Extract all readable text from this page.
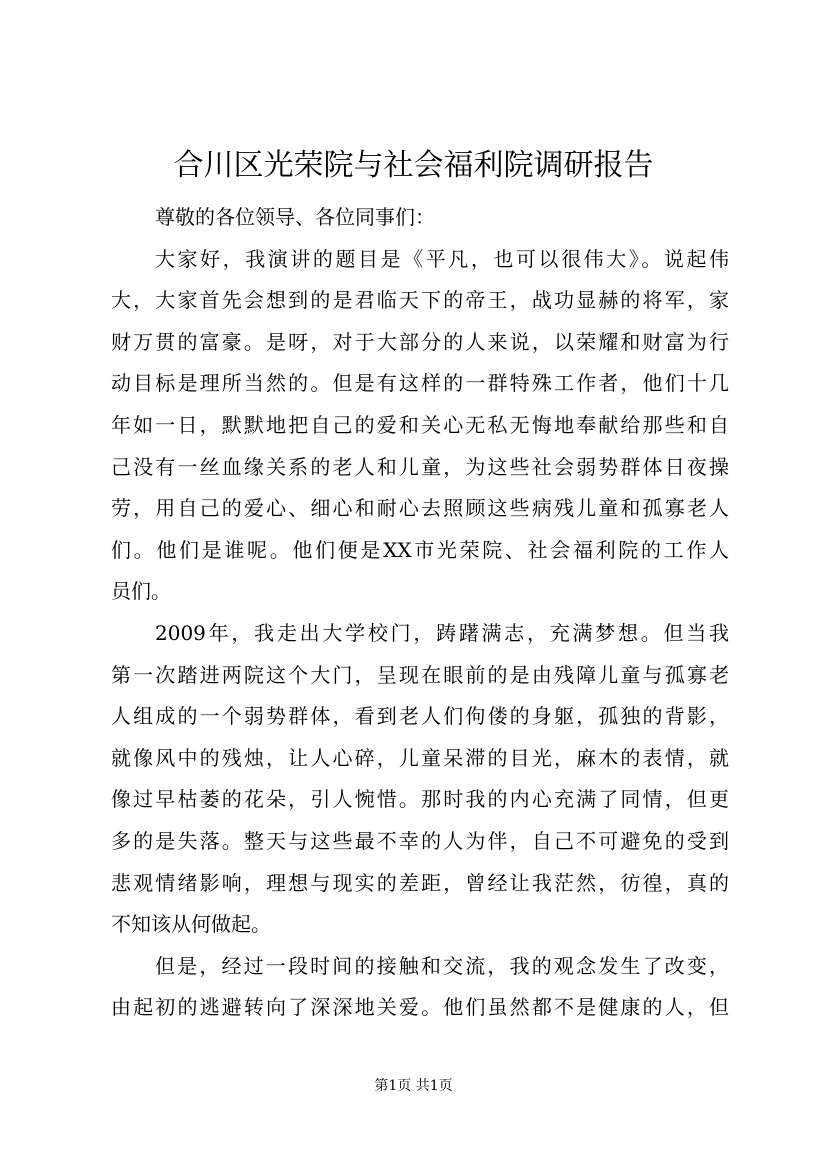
合川区光荣院与社会福利院调研报告
尊敬的各位领导、各位同事们：
大家好，我演讲的题目是《平凡，也可以很伟大》。说起伟
大，大家首先会想到的是君临天下的帝王，战功显赫的将军，家
财万贯的富豪。是呀，对于大部分的人来说，以荣耀和财富为行
动目标是理所当然的。但是有这样的一群特殊工作者，他们十几
年如一日，默默地把自己的爱和关心无私无悔地奉献给那些和自
己没有一丝血缘关系的老人和儿童，为这些社会弱势群体日夜操
劳，用自己的爱心、细心和耐心去照顾这些病残儿童和孤寡老人
们。他们是谁呢。他们便是XX市光荣院、社会福利院的工作人
员们。
2009年，我走出大学校门，踌躇满志，充满梦想。但当我
第一次踏进两院这个大门，呈现在眼前的是由残障儿童与孤寡老
人组成的一个弱势群体，看到老人们佝偻的身躯，孤独的背影，
就像风中的残烛，让人心碎，儿童呆滞的目光，麻木的表情，就
像过早枯萎的花朵，引人惋惜。那时我的内心充满了同情，但更
多的是失落。整天与这些最不幸的人为伴，自己不可避免的受到
悲观情绪影响，理想与现实的差距，曾经让我茫然，彷徨，真的
不知该从何做起。
但是，经过一段时间的接触和交流，我的观念发生了改变，
由起初的逃避转向了深深地关爱。他们虽然都不是健康的人，但
第1页 共1页
